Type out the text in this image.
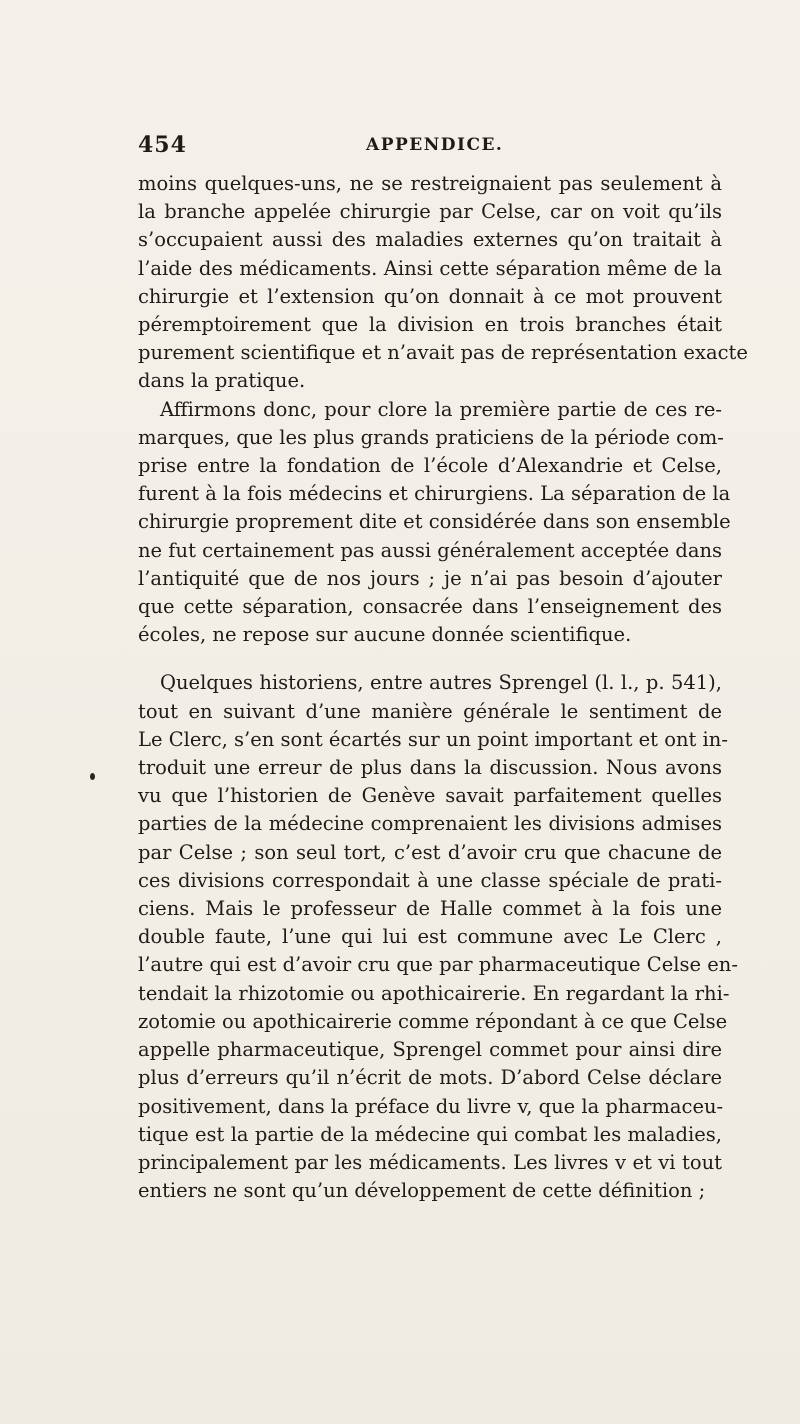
454	APPENDICE.

moins quelques-uns, ne se restreignaient pas seulement à
la branche appelée chirurgie par Celse, car on voit qu’ils
s’occupaient aussi des maladies externes qu’on traitait à
l’aide des médicaments. Ainsi cette séparation même de la
chirurgie et l’extension qu’on donnait à ce mot prouvent
péremptoirement que la division en trois branches était
purement scientifique et n’avait pas de représentation exacte
dans la pratique.

Affirmons donc, pour clore la première partie de ces re-
marques, que les plus grands praticiens de la période com-
prise entre la fondation de l’école d’Alexandrie et Celse,
furent à la fois médecins et chirurgiens. La séparation de la
chirurgie proprement dite et considérée dans son ensemble
ne fut certainement pas aussi généralement acceptée dans
l’antiquité que de nos jours ; je n’ai pas besoin d’ajouter
que cette séparation, consacrée dans l’enseignement des
écoles, ne repose sur aucune donnée scientifique.

Quelques historiens, entre autres Sprengel (l. l., p. 541),
tout en suivant d’une manière générale le sentiment de
Le Clerc, s’en sont écartés sur un point important et ont in-
troduit une erreur de plus dans la discussion. Nous avons
vu que l’historien de Genève savait parfaitement quelles
parties de la médecine comprenaient les divisions admises
par Celse ; son seul tort, c’est d’avoir cru que chacune de
ces divisions correspondait à une classe spéciale de prati-
ciens. Mais le professeur de Halle commet à la fois une
double faute, l’une qui lui est commune avec Le Clerc ,
l’autre qui est d’avoir cru que par pharmaceutique Celse en-
tendait la rhizotomie ou apothicairerie. En regardant la rhi-
zotomie ou apothicairerie comme répondant à ce que Celse
appelle pharmaceutique, Sprengel commet pour ainsi dire
plus d’erreurs qu’il n’écrit de mots. D’abord Celse déclare
positivement, dans la préface du livre v, que la pharmaceu-
tique est la partie de la médecine qui combat les maladies,
principalement par les médicaments. Les livres v et vi tout
entiers ne sont qu’un développement de cette définition ;
